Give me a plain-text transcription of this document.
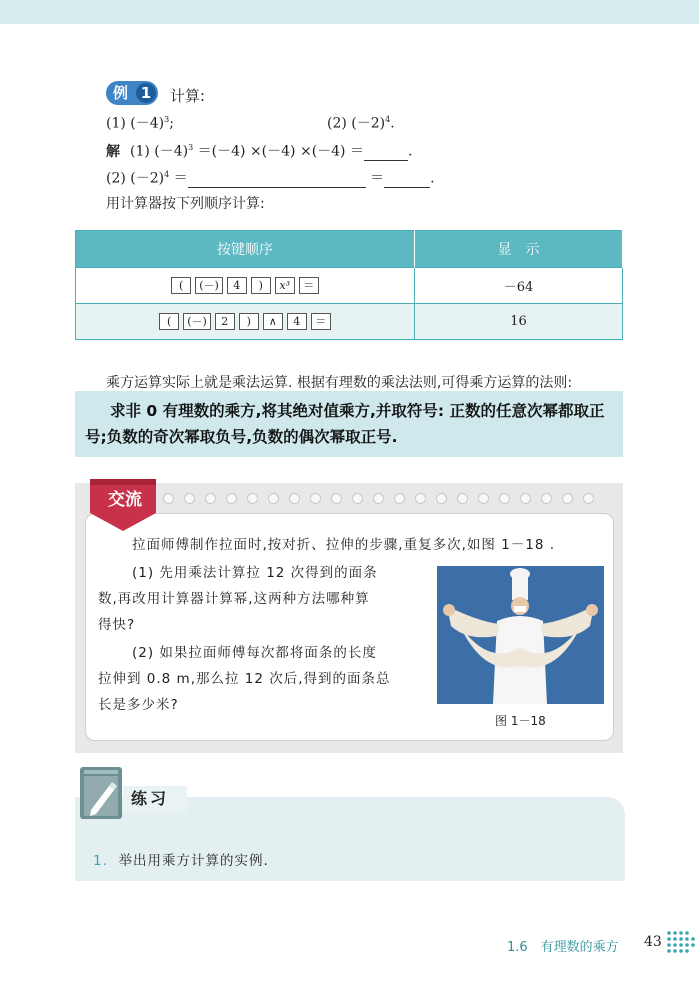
例 1	计算:
(1) $(-4)^3$;	(2) $(-2)^4$.
解 (1) $(-4)^3 =(-4) \times(-4) \times(-4)$ ＝	.
(2) $(-2)^4$ ＝	＝	.
用计算器按下列顺序计算:
按键顺序	显　示
( (－) 4 ) x³ ＝	－64
( (－) 2 ) ∧ 4 ＝	16
乘方运算实际上就是乘法运算. 根据有理数的乘法法则,可得乘方运算的法则:
求非 0 有理数的乘方,将其绝对值乘方,并取符号: 正数的任意次幂都取正号;负数的奇次幂取负号,负数的偶次幂取正号.
交流
拉面师傅制作拉面时,按对折、拉伸的步骤,重复多次,如图 1－18 .
(1) 先用乘法计算拉 12 次得到的面条
数,再改用计算器计算幂,这两种方法哪种算
得快?
(2) 如果拉面师傅每次都将面条的长度
拉伸到 0.8 m,那么拉 12 次后,得到的面条总
长是多少米?
图 1－18
练习
1. 举出用乘方计算的实例.
1.6　有理数的乘方 43
